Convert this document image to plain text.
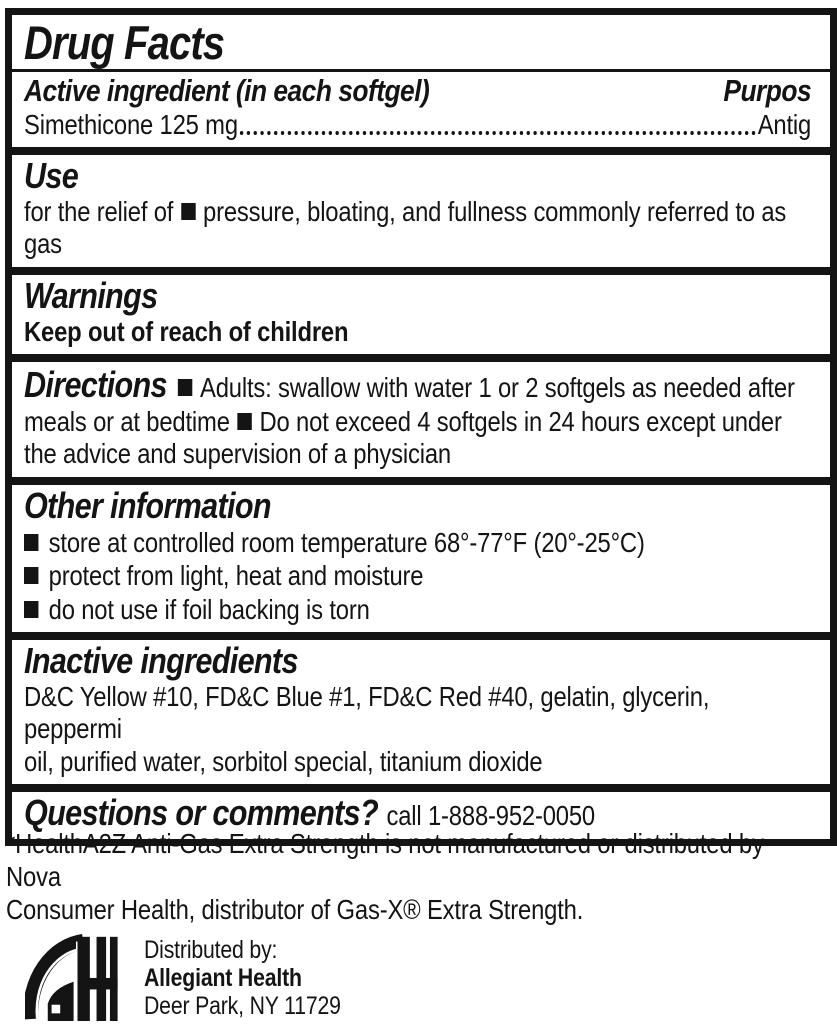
Drug Facts
Active ingredient (in each softgel)	Purpos
Simethicone 125 mg	Antig
Use

for the relief of pressure, bloating, and fullness commonly referred to as gas

Warnings

Keep out of reach of children

Directions Adults: swallow with water 1 or 2 softgels as needed after meals or at bedtime Do not exceed 4 softgels in 24 hours except under the advice and supervision of a physician

Other information
store at controlled room temperature 68°-77°F (20°-25°C)
protect from light, heat and moisture
do not use if foil backing is torn
Inactive ingredients

D&C Yellow #10, FD&C Blue #1, FD&C Red #40, gelatin, glycerin, peppermi

oil, purified water, sorbitol special, titanium dioxide

Questions or comments? call 1-888-952-0050
*HealthA2Z Anti-Gas Extra Strength is not manufactured or distributed by Nova
Consumer Health, distributor of Gas-X® Extra Strength.
Distributed by:
Allegiant Health
Deer Park, NY 11729
